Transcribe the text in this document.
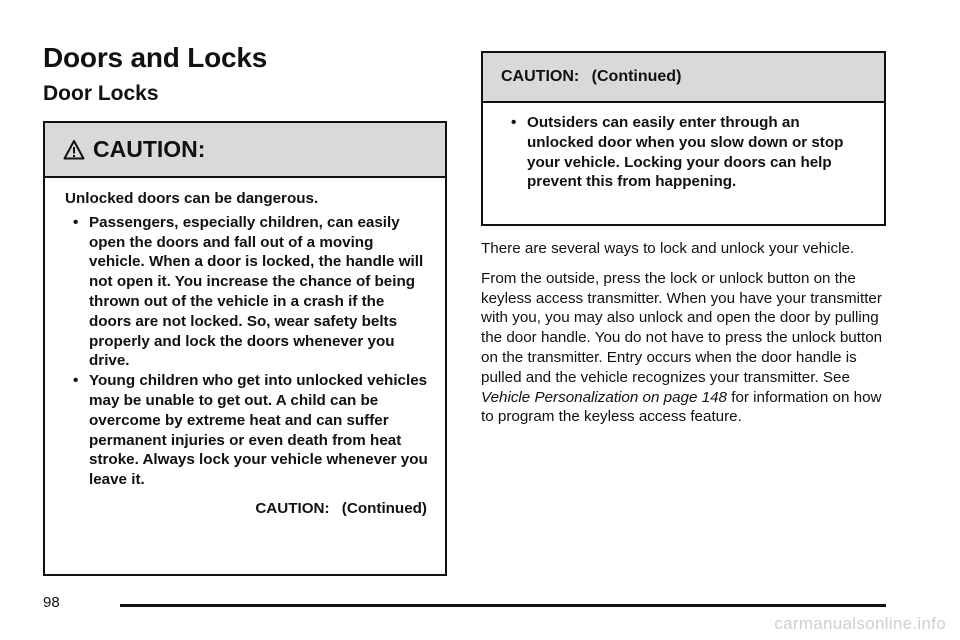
Doors and Locks
Door Locks
CAUTION:

Unlocked doors can be dangerous.

• Passengers, especially children, can easily open the doors and fall out of a moving vehicle. When a door is locked, the handle will not open it. You increase the chance of being thrown out of the vehicle in a crash if the doors are not locked. So, wear safety belts properly and lock the doors whenever you drive.
• Young children who get into unlocked vehicles may be unable to get out. A child can be overcome by extreme heat and can suffer permanent injuries or even death from heat stroke. Always lock your vehicle whenever you leave it.
CAUTION: (Continued)
CAUTION: (Continued)
• Outsiders can easily enter through an unlocked door when you slow down or stop your vehicle. Locking your doors can help prevent this from happening.

There are several ways to lock and unlock your vehicle.

From the outside, press the lock or unlock button on the keyless access transmitter. When you have your transmitter with you, you may also unlock and open the door by pulling the door handle. You do not have to press the unlock button on the transmitter. Entry occurs when the door handle is pulled and the vehicle recognizes your transmitter. See Vehicle Personalization on page 148 for information on how to program the keyless access feature.

98
carmanualsonline.info
